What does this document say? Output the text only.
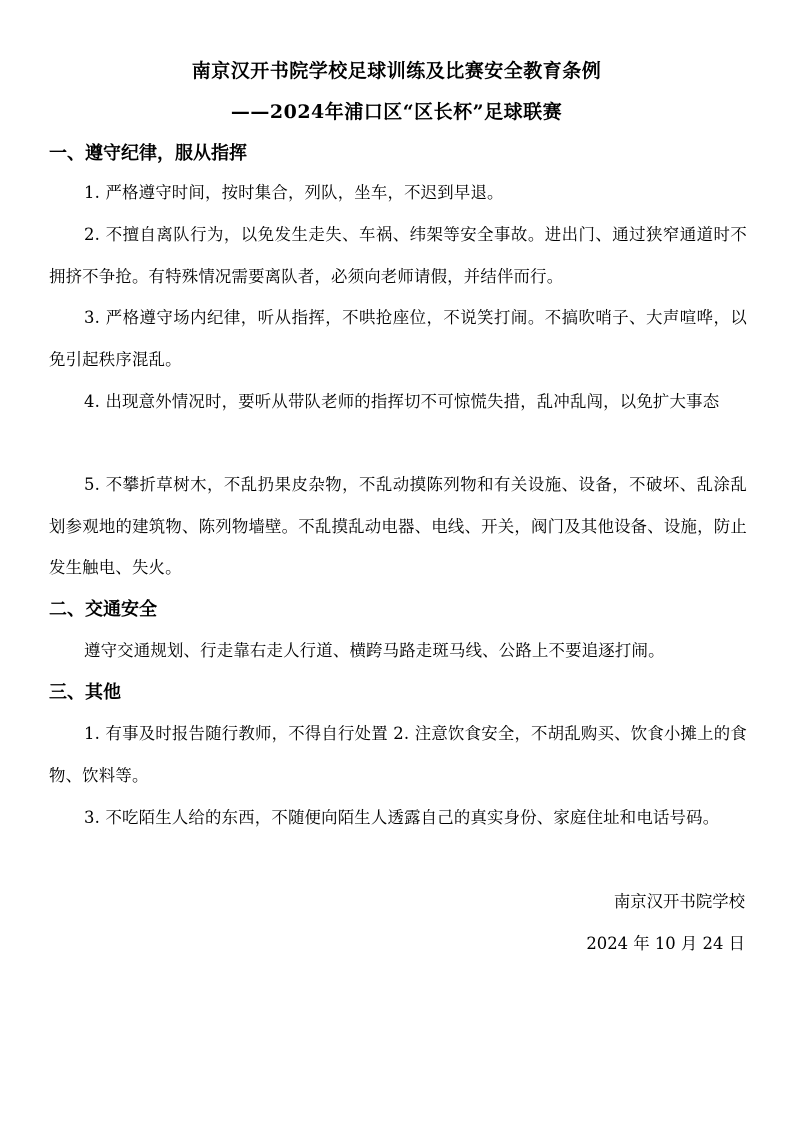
南京汉开书院学校足球训练及比赛安全教育条例
——2024年浦口区“区长杯”足球联赛
一、遵守纪律，服从指挥
1. 严格遵守时间，按时集合，列队，坐车，不迟到早退。
2. 不擅自离队行为，以免发生走失、车祸、纬架等安全事故。进出门、通过狭窄通道时不拥挤不争抢。有特殊情况需要离队者，必须向老师请假，并结伴而行。
3. 严格遵守场内纪律，听从指挥，不哄抢座位，不说笑打闹。不搞吹哨子、大声喧哗，以免引起秩序混乱。
4. 出现意外情况时，要听从带队老师的指挥切不可惊慌失措，乱冲乱闯，以免扩大事态
5. 不攀折草树木，不乱扔果皮杂物，不乱动摸陈列物和有关设施、设备，不破坏、乱涂乱划参观地的建筑物、陈列物墙壁。不乱摸乱动电器、电线、开关，阀门及其他设备、设施，防止发生触电、失火。
二、交通安全
遵守交通规划、行走靠右走人行道、横跨马路走斑马线、公路上不要追逐打闹。
三、其他
1. 有事及时报告随行教师，不得自行处置 2. 注意饮食安全，不胡乱购买、饮食小摊上的食物、饮料等。
3. 不吃陌生人给的东西，不随便向陌生人透露自己的真实身份、家庭住址和电话号码。
南京汉开书院学校
2024 年 10 月 24 日
